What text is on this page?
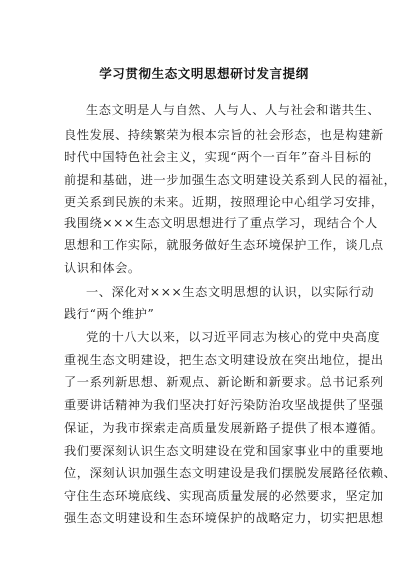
学习贯彻生态文明思想研讨发言提纲
生态文明是人与自然、人与人、人与社会和谐共生、
良性发展、持续繁荣为根本宗旨的社会形态，也是构建新
时代中国特色社会主义，实现“两个一百年”奋斗目标的
前提和基础，进一步加强生态文明建设关系到人民的福祉，
更关系到民族的未来。近期，按照理论中心组学习安排，
我围绕×××生态文明思想进行了重点学习，现结合个人
思想和工作实际，就服务做好生态环境保护工作，谈几点
认识和体会。
一、深化对×××生态文明思想的认识，以实际行动
践行“两个维护”
党的十八大以来，以习近平同志为核心的党中央高度
重视生态文明建设，把生态文明建设放在突出地位，提出
了一系列新思想、新观点、新论断和新要求。总书记系列
重要讲话精神为我们坚决打好污染防治攻坚战提供了坚强
保证，为我市探索走高质量发展新路子提供了根本遵循。
我们要深刻认识生态文明建设在党和国家事业中的重要地
位，深刻认识加强生态文明建设是我们摆脱发展路径依赖、
守住生态环境底线、实现高质量发展的必然要求，坚定加
强生态文明建设和生态环境保护的战略定力，切实把思想
